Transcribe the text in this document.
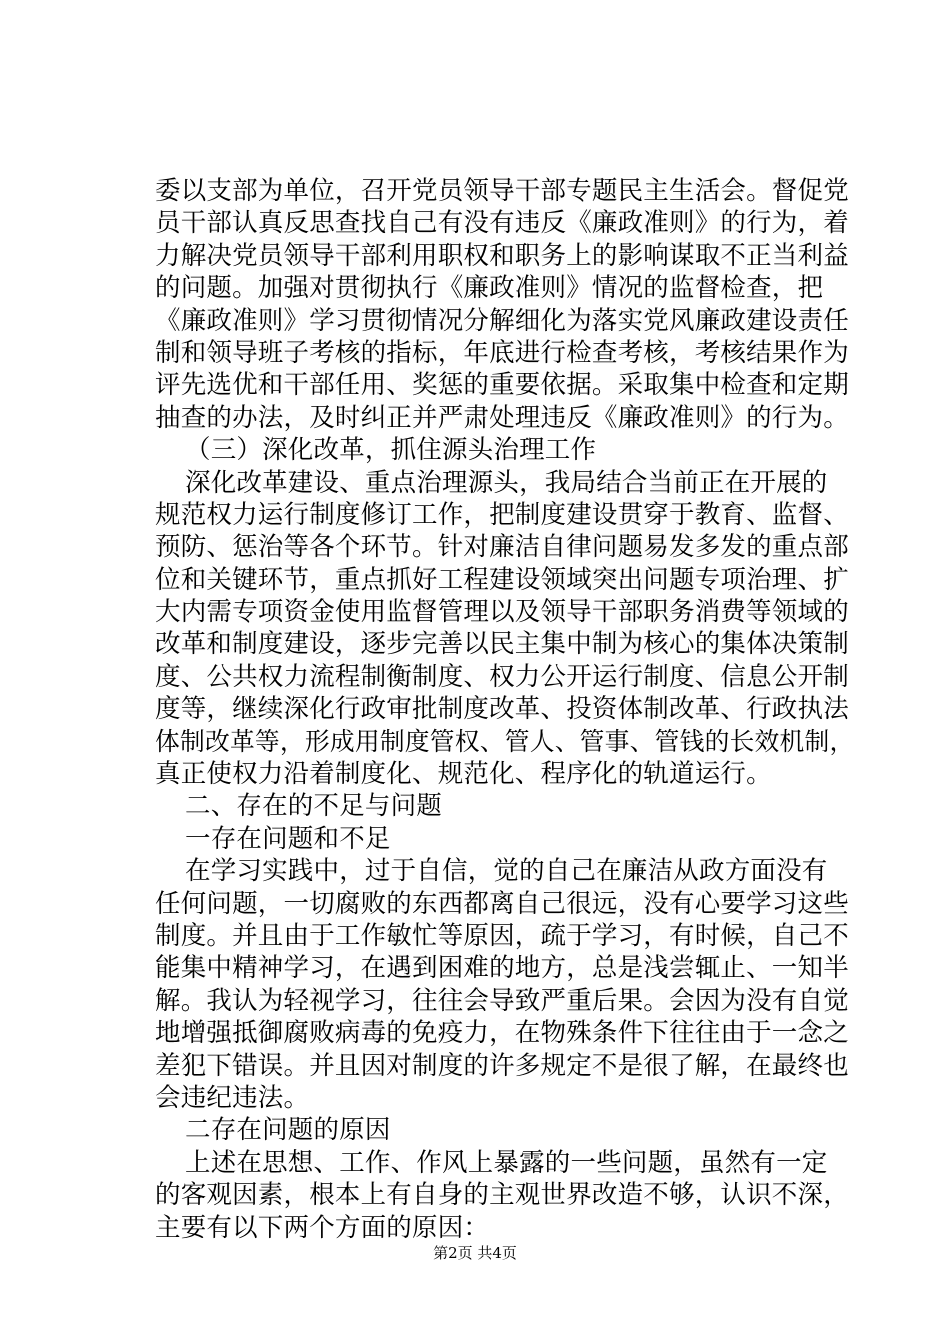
委以支部为单位，召开党员领导干部专题民主生活会。督促党
员干部认真反思查找自己有没有违反《廉政准则》的行为，着
力解决党员领导干部利用职权和职务上的影响谋取不正当利益
的问题。加强对贯彻执行《廉政准则》情况的监督检查，把
《廉政准则》学习贯彻情况分解细化为落实党风廉政建设责任
制和领导班子考核的指标，年底进行检查考核，考核结果作为
评先选优和干部任用、奖惩的重要依据。采取集中检查和定期
抽查的办法，及时纠正并严肃处理违反《廉政准则》的行为。
（三）深化改革，抓住源头治理工作
深化改革建设、重点治理源头，我局结合当前正在开展的
规范权力运行制度修订工作，把制度建设贯穿于教育、监督、
预防、惩治等各个环节。针对廉洁自律问题易发多发的重点部
位和关键环节，重点抓好工程建设领域突出问题专项治理、扩
大内需专项资金使用监督管理以及领导干部职务消费等领域的
改革和制度建设，逐步完善以民主集中制为核心的集体决策制
度、公共权力流程制衡制度、权力公开运行制度、信息公开制
度等，继续深化行政审批制度改革、投资体制改革、行政执法
体制改革等，形成用制度管权、管人、管事、管钱的长效机制，
真正使权力沿着制度化、规范化、程序化的轨道运行。
二、存在的不足与问题
一存在问题和不足
在学习实践中，过于自信，觉的自己在廉洁从政方面没有
任何问题，一切腐败的东西都离自己很远，没有心要学习这些
制度。并且由于工作敏忙等原因，疏于学习，有时候，自己不
能集中精神学习，在遇到困难的地方，总是浅尝辄止、一知半
解。我认为轻视学习，往往会导致严重后果。会因为没有自觉
地增强抵御腐败病毒的免疫力，在物殊条件下往往由于一念之
差犯下错误。并且因对制度的许多规定不是很了解，在最终也
会违纪违法。
二存在问题的原因
上述在思想、工作、作风上暴露的一些问题，虽然有一定
的客观因素，根本上有自身的主观世界改造不够，认识不深，
主要有以下两个方面的原因：
第2页 共4页
